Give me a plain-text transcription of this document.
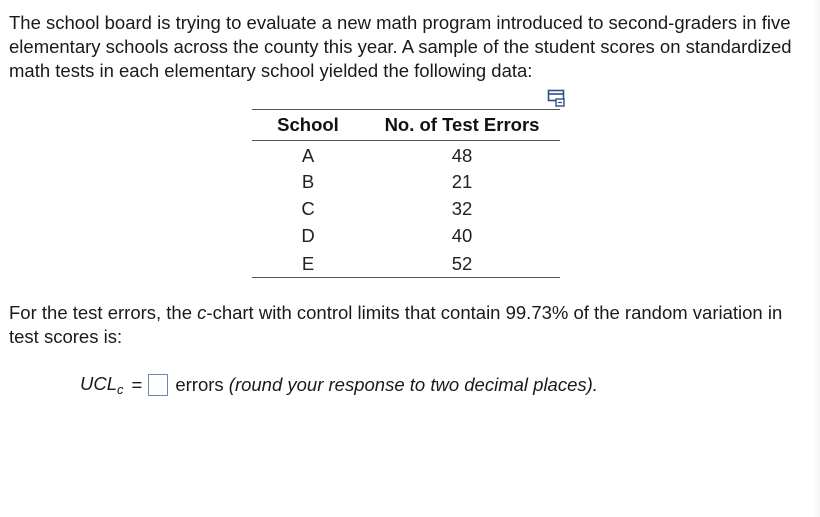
The school board is trying to evaluate a new math program introduced to second-graders in five elementary schools across the county this year. A sample of the student scores on standardized math tests in each elementary school yielded the following data:

School	No. of Test Errors
A	48
B	21
C	32
D	40
E	52

For the test errors, the c-chart with control limits that contain 99.73% of the random variation in test scores is:

$UCL_c$ = errors (round your response to two decimal places).
